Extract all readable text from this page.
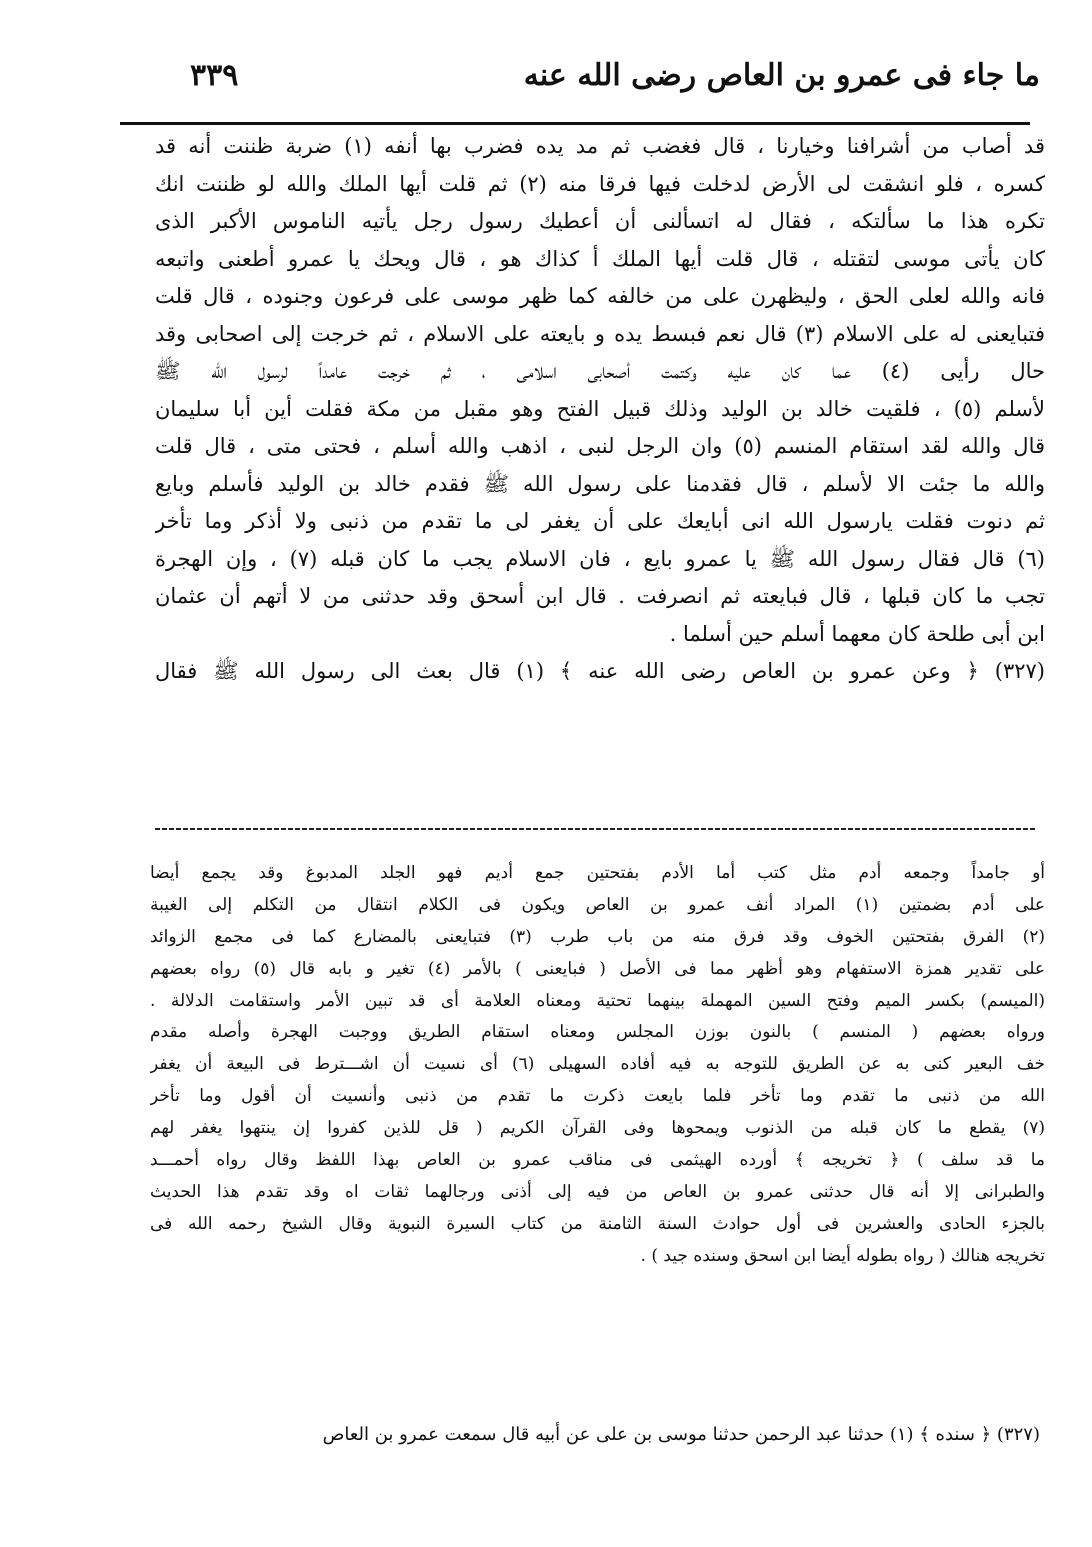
٣٣٩	ما جاء فى عمرو بن العاص رضى الله عنه
قد أصاب من أشرافنا وخيارنا ، قال فغضب ثم مد يده فضرب بها أنفه (١) ضربة ظننت أنه قد
كسره ، فلو انشقت لى الأرض لدخلت فيها فرقا منه (٢) ثم قلت أيها الملك والله لو ظننت انك
تكره هذا ما سألتكه ، فقال له اتسألنى أن أعطيك رسول رجل يأتيه الناموس الأكبر الذى
كان يأتى موسى لتقتله ، قال قلت أيها الملك أ كذاك هو ، قال ويحك يا عمرو أطعنى واتبعه
فانه والله لعلى الحق ، وليظهرن على من خالفه كما ظهر موسى على فرعون وجنوده ، قال قلت
فتبايعنى له على الاسلام (٣) قال نعم فبسط يده و بايعته على الاسلام ، ثم خرجت إلى اصحابى وقد
حال رأيى (٤) عما كان عليه وكتمت أصحابى اسلامى ، ثم خرجت عامداً لرسول الله ﷺ
لأسلم (٥) ، فلقيت خالد بن الوليد وذلك قبيل الفتح وهو مقبل من مكة فقلت أين أبا سليمان
قال والله لقد استقام المنسم (٥) وان الرجل لنبى ، اذهب والله أسلم ، فحتى متى ، قال قلت
والله ما جئت الا لأسلم ، قال فقدمنا على رسول الله ﷺ فقدم خالد بن الوليد فأسلم وبايع
ثم دنوت فقلت يارسول الله انى أبايعك على أن يغفر لى ما تقدم من ذنبى ولا أذكر وما تأخر
(٦) قال فقال رسول الله ﷺ يا عمرو بايع ، فان الاسلام يجب ما كان قبله (٧) ، وإن الهجرة
تجب ما كان قبلها ، قال فبايعته ثم انصرفت . قال ابن أسحق وقد حدثنى من لا أتهم أن عثمان
ابن أبى طلحة كان معهما أسلم حين أسلما .
(٣٢٧) ﴿ وعن عمرو بن العاص رضى الله عنه ﴾ (١) قال بعث الى رسول الله ﷺ فقال
أو جامداً وجمعه أدم مثل كتب أما الأدم بفتحتين جمع أديم فهو الجلد المدبوغ وقد يجمع أيضا
على أدم بضمتين (١) المراد أنف عمرو بن العاص ويكون فى الكلام انتقال من التكلم إلى الغيبة
(٢) الفرق بفتحتين الخوف وقد فرق منه من باب طرب (٣) فتبايعنى بالمضارع كما فى مجمع الزوائد
على تقدير همزة الاستفهام وهو أظهر مما فى الأصل ( فبايعنى ) بالأمر (٤) تغير و بابه قال (٥) رواه بعضهم
(الميسم) بكسر الميم وفتح السين المهملة بينهما تحتية ومعناه العلامة أى قد تبين الأمر واستقامت الدلالة .
ورواه بعضهم ( المنسم ) بالنون بوزن المجلس ومعناه استقام الطريق ووجبت الهجرة وأصله مقدم
خف البعير كنى به عن الطريق للتوجه به فيه أفاده السهيلى (٦) أى نسيت أن اشـــترط فى البيعة أن يغفر
الله من ذنبى ما تقدم وما تأخر فلما بايعت ذكرت ما تقدم من ذنبى وأنسيت أن أقول وما تأخر
(٧) يقطع ما كان قبله من الذنوب ويمحوها وفى القرآن الكريم ( قل للذين كفروا إن ينتهوا يغفر لهم
ما قد سلف ) ﴿ تخريجه ﴾ أورده الهيثمى فى مناقب عمرو بن العاص بهذا اللفظ وقال رواه أحمـــد
والطبرانى إلا أنه قال حدثنى عمرو بن العاص من فيه إلى أذنى ورجالهما ثقات اه وقد تقدم هذا الحديث
بالجزء الحادى والعشرين فى أول حوادث السنة الثامنة من كتاب السيرة النبوية وقال الشيخ رحمه الله فى
تخريجه هنالك ( رواه بطوله أيضا ابن اسحق وسنده جيد ) .
(٣٢٧) ﴿ سنده ﴾ (١) حدثنا عبد الرحمن حدثنا موسى بن على عن أبيه قال سمعت عمرو بن العاص
